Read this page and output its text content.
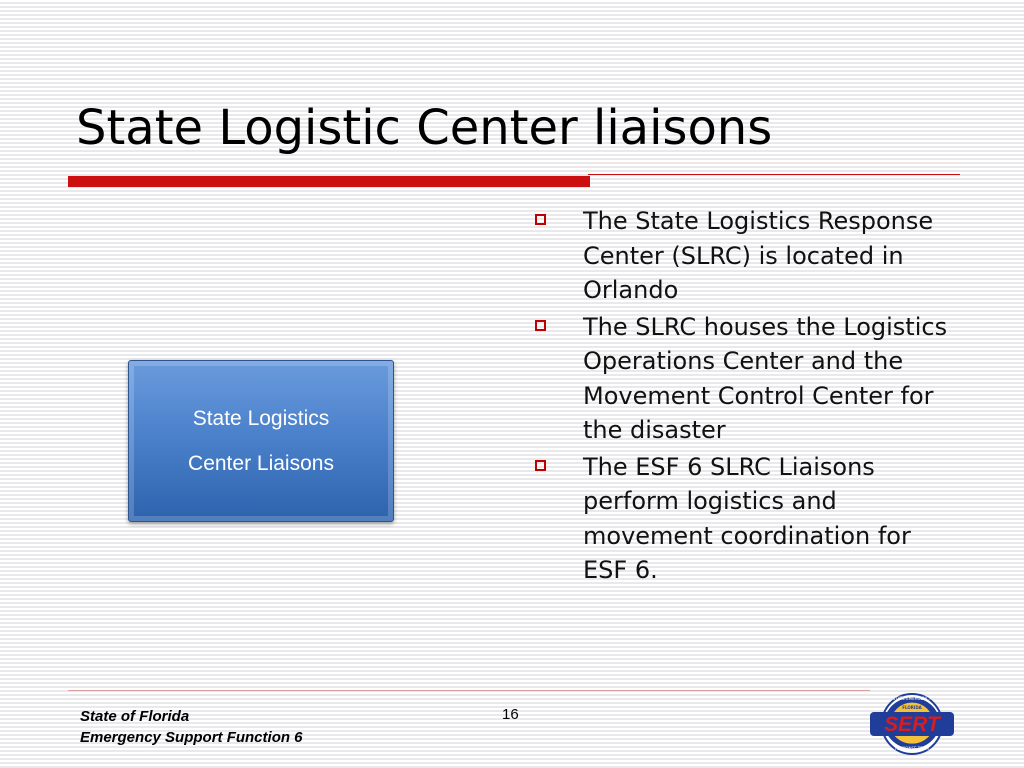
State Logistic Center liaisons
State Logistics
Center Liaisons
The State Logistics Response Center (SLRC) is located in Orlando
The SLRC houses the Logistics Operations Center and the Movement Control Center for the disaster
The ESF 6 SLRC Liaisons perform logistics and movement coordination for ESF 6.
State of Florida
Emergency Support Function 6
16	SERT
STATE EMERGENCY
FLORIDA
RESPONSE TEAM
